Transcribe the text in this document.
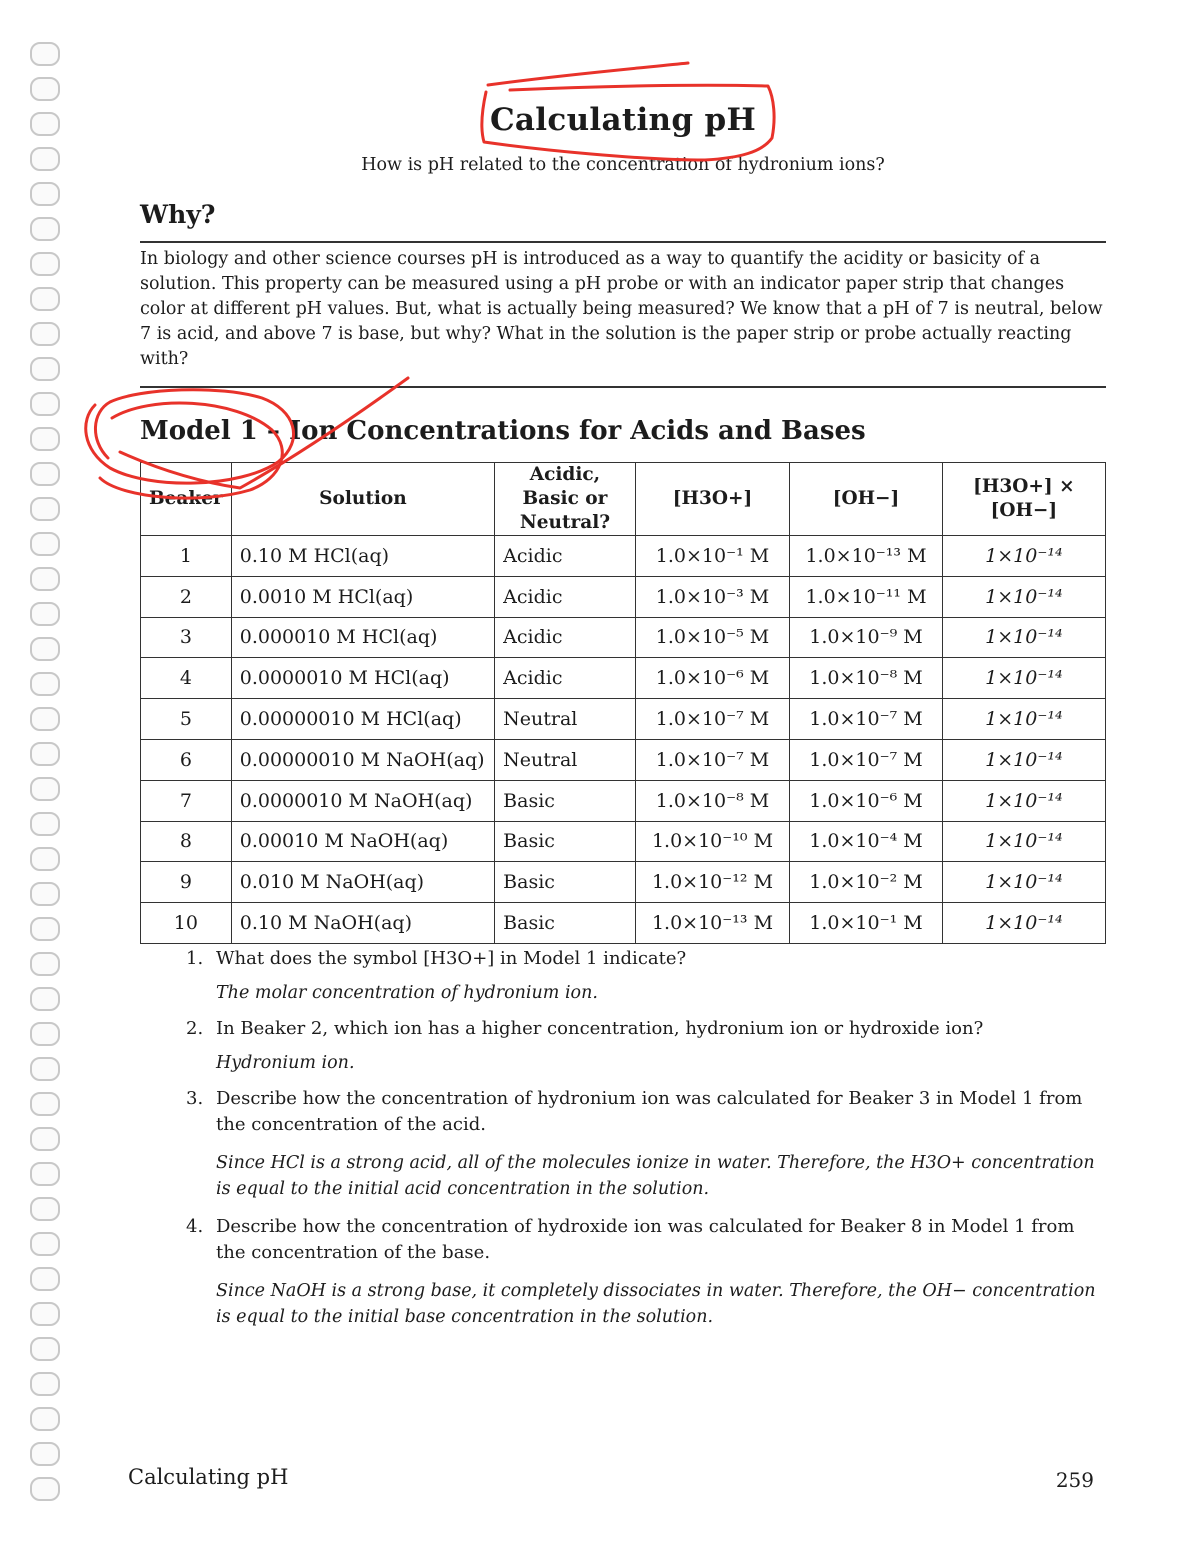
Calculating pH
How is pH related to the concentration of hydronium ions?
Why?

In biology and other science courses pH is introduced as a way to quantify the acidity or basicity of a solution. This property can be measured using a pH probe or with an indicator paper strip that changes color at different pH values. But, what is actually being measured? We know that a pH of 7 is neutral, below 7 is acid, and above 7 is base, but why? What in the solution is the paper strip or probe actually reacting with?

Model 1 – Ion Concentrations for Acids and Bases
Beaker	Solution	Acidic, Basic or Neutral?	[H3O+]	[OH−]	[H3O+] × [OH−]
1	0.10 M HCl(aq)	Acidic	1.0×10⁻¹ M	1.0×10⁻¹³ M	1×10⁻¹⁴
2	0.0010 M HCl(aq)	Acidic	1.0×10⁻³ M	1.0×10⁻¹¹ M	1×10⁻¹⁴
3	0.000010 M HCl(aq)	Acidic	1.0×10⁻⁵ M	1.0×10⁻⁹ M	1×10⁻¹⁴
4	0.0000010 M HCl(aq)	Acidic	1.0×10⁻⁶ M	1.0×10⁻⁸ M	1×10⁻¹⁴
5	0.00000010 M HCl(aq)	Neutral	1.0×10⁻⁷ M	1.0×10⁻⁷ M	1×10⁻¹⁴
6	0.00000010 M NaOH(aq)	Neutral	1.0×10⁻⁷ M	1.0×10⁻⁷ M	1×10⁻¹⁴
7	0.0000010 M NaOH(aq)	Basic	1.0×10⁻⁸ M	1.0×10⁻⁶ M	1×10⁻¹⁴
8	0.00010 M NaOH(aq)	Basic	1.0×10⁻¹⁰ M	1.0×10⁻⁴ M	1×10⁻¹⁴
9	0.010 M NaOH(aq)	Basic	1.0×10⁻¹² M	1.0×10⁻² M	1×10⁻¹⁴
10	0.10 M NaOH(aq)	Basic	1.0×10⁻¹³ M	1.0×10⁻¹ M	1×10⁻¹⁴
1. What does the symbol [H3O+] in Model 1 indicate?
The molar concentration of hydronium ion.
2. In Beaker 2, which ion has a higher concentration, hydronium ion or hydroxide ion?
Hydronium ion.
3. Describe how the concentration of hydronium ion was calculated for Beaker 3 in Model 1 from the concentration of the acid.
Since HCl is a strong acid, all of the molecules ionize in water. Therefore, the H3O+ concentration is equal to the initial acid concentration in the solution.
4. Describe how the concentration of hydroxide ion was calculated for Beaker 8 in Model 1 from the concentration of the base.
Since NaOH is a strong base, it completely dissociates in water. Therefore, the OH− concentration is equal to the initial base concentration in the solution.
Calculating pH	259
